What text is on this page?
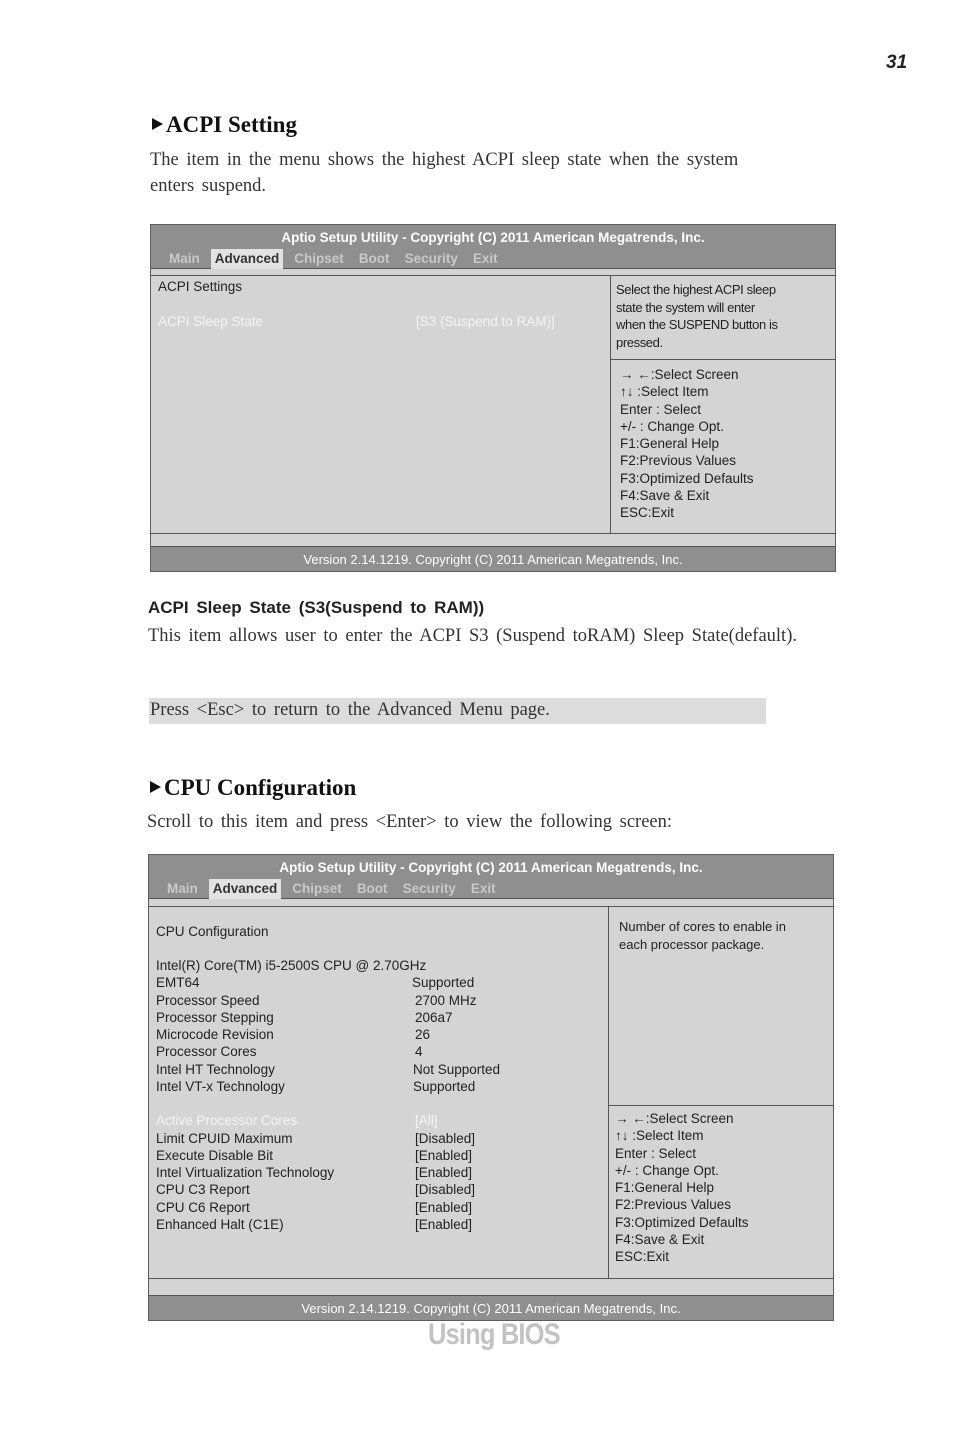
31
ACPI Setting
The item in the menu shows the highest ACPI sleep state when the system
enters suspend.
Aptio Setup Utility - Copyright (C) 2011 American Megatrends, Inc.
Main Advanced Chipset Boot Security Exit
ACPI Settings
ACPI Sleep State	[S3 (Suspend to RAM)]
Select the highest ACPI sleep
state the system will enter
when the SUSPEND button is
pressed.
→ ←:Select Screen
↑↓ :Select Item
Enter : Select
+/- : Change Opt.
F1:General Help
F2:Previous Values
F3:Optimized Defaults
F4:Save & Exit
ESC:Exit
Version 2.14.1219. Copyright (C) 2011 American Megatrends, Inc.
ACPI Sleep State (S3(Suspend to RAM))
This item allows user to enter the ACPI S3 (Suspend toRAM) Sleep State(default).
Press <Esc> to return to the Advanced Menu page.
CPU Configuration
Scroll to this item and press <Enter> to view the following screen:
Aptio Setup Utility - Copyright (C) 2011 American Megatrends, Inc.
Main Advanced Chipset Boot Security Exit
CPU Configuration
Intel(R) Core(TM) i5-2500S CPU @ 2.70GHz
EMT64	Supported
Processor Speed	2700 MHz
Processor Stepping	206a7
Microcode Revision	26
Processor Cores	4
Intel HT Technology	Not Supported
Intel VT-x Technology	Supported
Active Processor Cores	[All]
Limit CPUID Maximum	[Disabled]
Execute Disable Bit	[Enabled]
Intel Virtualization Technology	[Enabled]
CPU C3 Report	[Disabled]
CPU C6 Report	[Enabled]
Enhanced Halt (C1E)	[Enabled]
Number of cores to enable in
each processor package.
→ ←:Select Screen
↑↓ :Select Item
Enter : Select
+/- : Change Opt.
F1:General Help
F2:Previous Values
F3:Optimized Defaults
F4:Save & Exit
ESC:Exit
Version 2.14.1219. Copyright (C) 2011 American Megatrends, Inc.
Using BIOS
